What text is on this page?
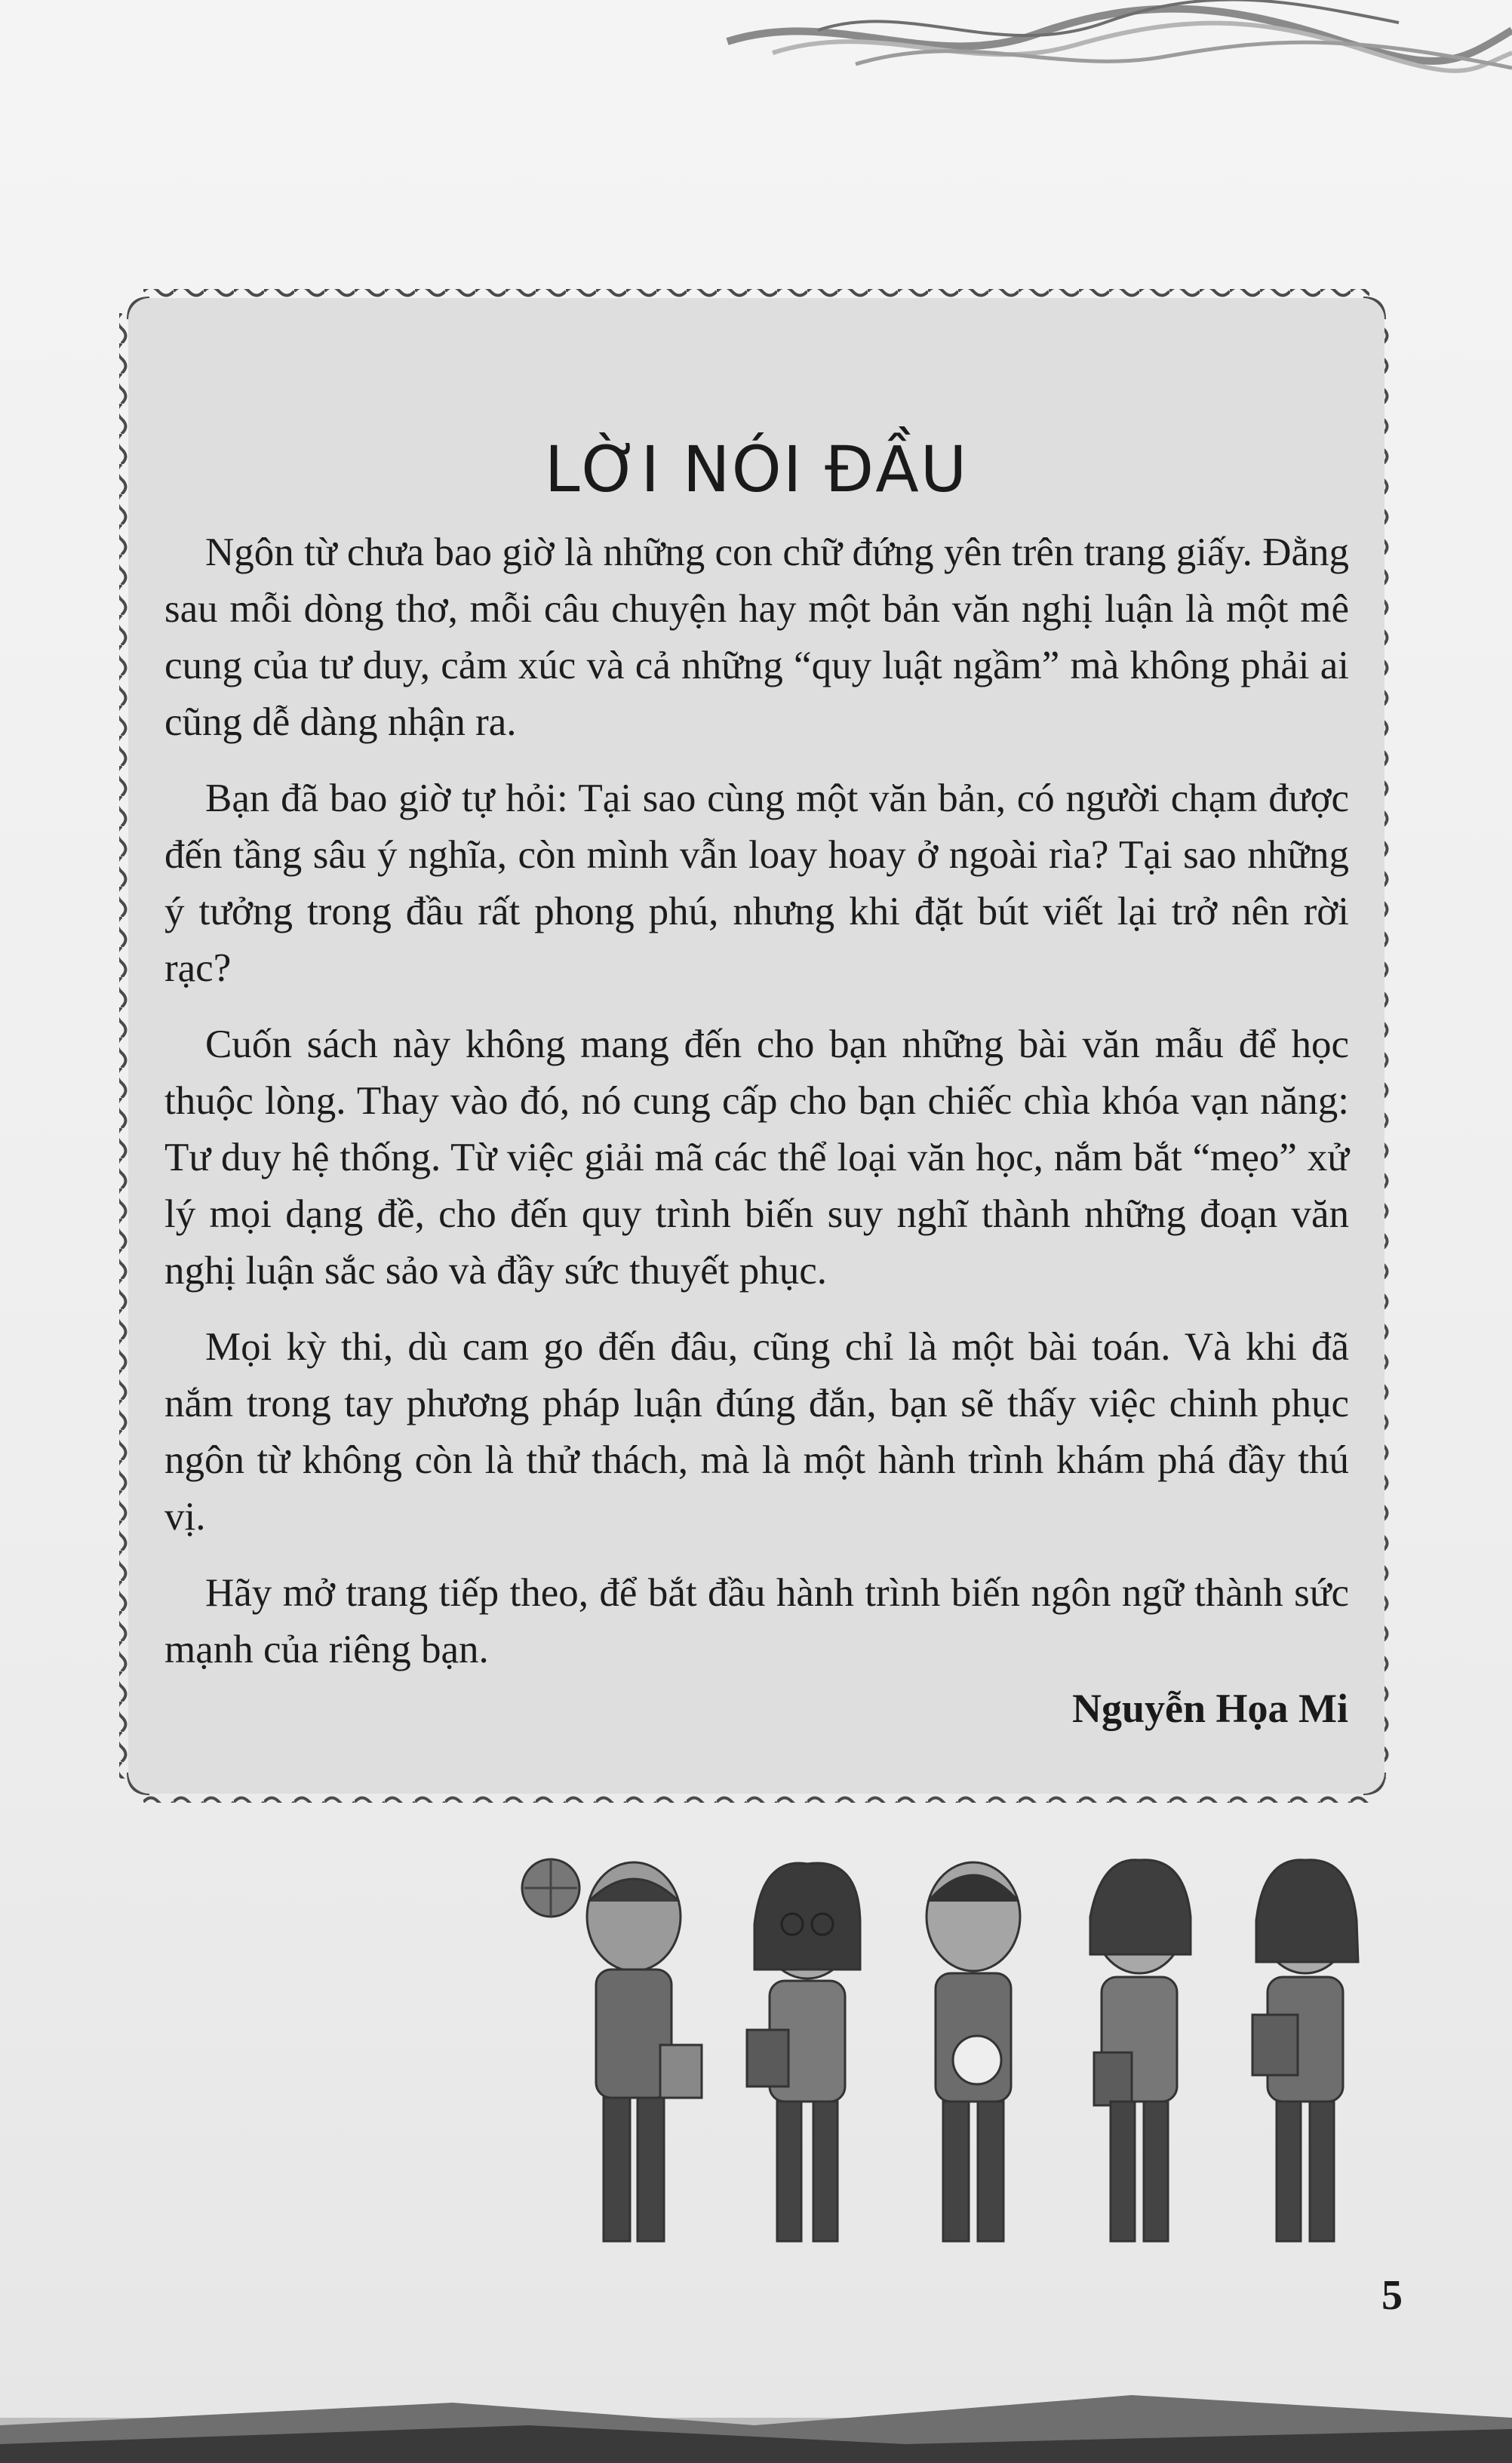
LỜI NÓI ĐẦU

Ngôn từ chưa bao giờ là những con chữ đứng yên trên trang giấy. Đằng sau mỗi dòng thơ, mỗi câu chuyện hay một bản văn nghị luận là một mê cung của tư duy, cảm xúc và cả những “quy luật ngầm” mà không phải ai cũng dễ dàng nhận ra.

Bạn đã bao giờ tự hỏi: Tại sao cùng một văn bản, có người chạm được đến tầng sâu ý nghĩa, còn mình vẫn loay hoay ở ngoài rìa? Tại sao những ý tưởng trong đầu rất phong phú, nhưng khi đặt bút viết lại trở nên rời rạc?

Cuốn sách này không mang đến cho bạn những bài văn mẫu để học thuộc lòng. Thay vào đó, nó cung cấp cho bạn chiếc chìa khóa vạn năng: Tư duy hệ thống. Từ việc giải mã các thể loại văn học, nắm bắt “mẹo” xử lý mọi dạng đề, cho đến quy trình biến suy nghĩ thành những đoạn văn nghị luận sắc sảo và đầy sức thuyết phục.

Mọi kỳ thi, dù cam go đến đâu, cũng chỉ là một bài toán. Và khi đã nắm trong tay phương pháp luận đúng đắn, bạn sẽ thấy việc chinh phục ngôn từ không còn là thử thách, mà là một hành trình khám phá đầy thú vị.

Hãy mở trang tiếp theo, để bắt đầu hành trình biến ngôn ngữ thành sức mạnh của riêng bạn.

Nguyễn Họa Mi
5
